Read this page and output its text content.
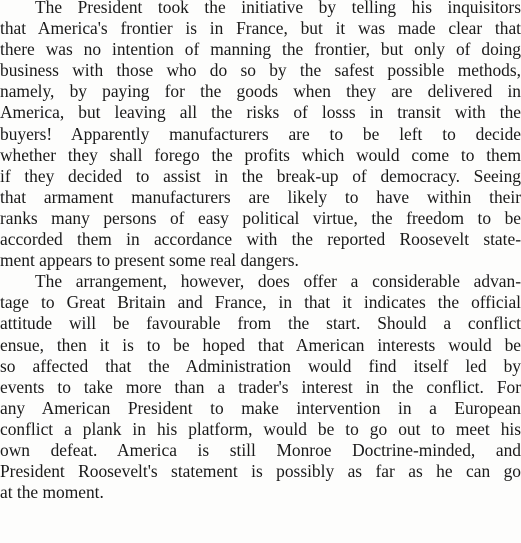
The President took the initiative by telling his inquisitors
that America's frontier is in France, but it was made clear that
there was no intention of manning the frontier, but only of doing
business with those who do so by the safest possible methods,
namely, by paying for the goods when they are delivered in
America, but leaving all the risks of losss in transit with the
buyers! Apparently manufacturers are to be left to decide
whether they shall forego the profits which would come to them
if they decided to assist in the break-up of democracy. Seeing
that armament manufacturers are likely to have within their
ranks many persons of easy political virtue, the freedom to be
accorded them in accordance with the reported Roosevelt state-
ment appears to present some real dangers.
The arrangement, however, does offer a considerable advan-
tage to Great Britain and France, in that it indicates the official
attitude will be favourable from the start. Should a conflict
ensue, then it is to be hoped that American interests would be
so affected that the Administration would find itself led by
events to take more than a trader's interest in the conflict. For
any American President to make intervention in a European
conflict a plank in his platform, would be to go out to meet his
own defeat. America is still Monroe Doctrine-minded, and
President Roosevelt's statement is possibly as far as he can go
at the moment.
